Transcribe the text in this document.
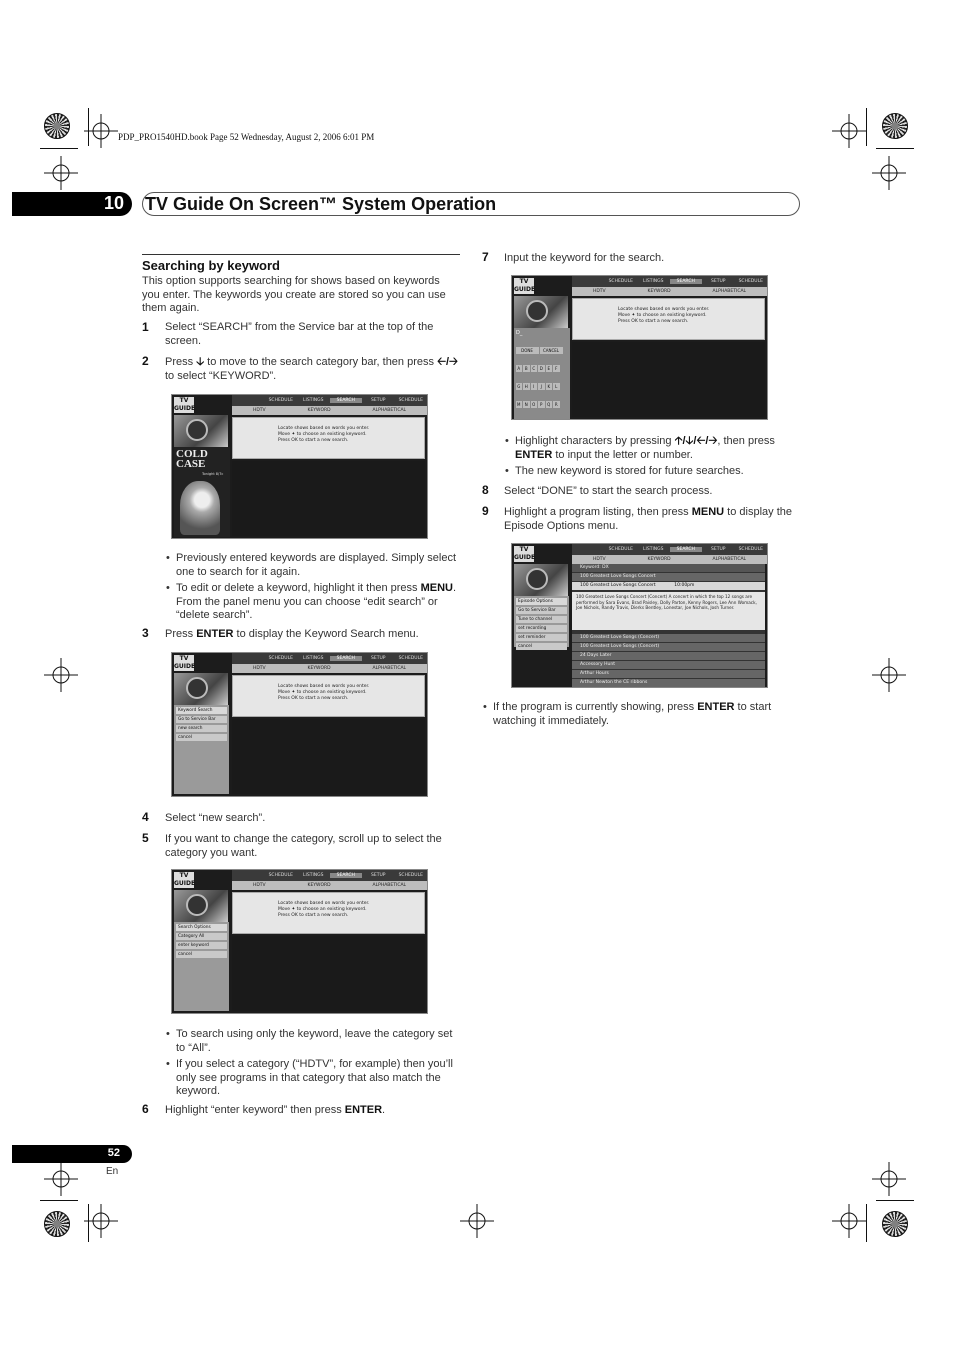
PDP_PRO1540HD.book Page 52 Wednesday, August 2, 2006 6:01 PM
10 TV Guide On Screen™ System Operation
Searching by keyword
This option supports searching for shows based on keywords you enter. The keywords you create are stored so you can use them again.
1 Select “SEARCH” from the Service bar at the top of the screen.
2 Press 🡣 to move to the search category bar, then press 🡠/🡢 to select “KEYWORD”.
SCHEDULE	LISTINGS	SEARCH	SETUP	SCHEDULE
TV GUIDE	HDTV	KEYWORD	ALPHABETICAL

Locate shows based on words you enter.

Move ✦ to choose an existing keyword.

Press OK to start a new search.

COLD CASE
Tonight 8/7c
• Previously entered keywords are displayed. Simply select one to search for it again.
• To edit or delete a keyword, highlight it then press MENU. From the panel menu you can choose “edit search” or “delete search”.
3 Press ENTER to display the Keyword Search menu.
SCHEDULE	LISTINGS	SEARCH	SETUP	SCHEDULE
TV GUIDE	HDTV	KEYWORD	ALPHABETICAL

Locate shows based on words you enter.

Move ✦ to choose an existing keyword.

Press OK to start a new search.

Keyword Search
Go to Service Bar
new search
cancel
4 Select “new search”.
5 If you want to change the category, scroll up to select the category you want.
SCHEDULE	LISTINGS	SEARCH	SETUP	SCHEDULE
TV GUIDE	HDTV	KEYWORD	ALPHABETICAL

Locate shows based on words you enter.

Move ✦ to choose an existing keyword.

Press OK to start a new search.

Search Options
Category All
enter keyword
cancel
• To search using only the keyword, leave the category set to “All”.
• If you select a category (“HDTV”, for example) then you’ll only see programs in that category that also match the keyword.
6 Highlight “enter keyword” then press ENTER.
7 Input the keyword for the search.
SCHEDULE	LISTINGS	SEARCH	SETUP	SCHEDULE
TV GUIDE	HDTV	KEYWORD	ALPHABETICAL

Locate shows based on words you enter.

Move ✦ to choose an existing keyword.

Press OK to start a new search.

D_
DONE	CANCEL A B C D E F G H I J K L M N O P Q R
• Highlight characters by pressing 🡡/🡣/🡠/🡢, then press ENTER to input the letter or number.
• The new keyword is stored for future searches.
8 Select “DONE” to start the search process.
9 Highlight a program listing, then press MENU to display the Episode Options menu.
SCHEDULE	LISTINGS	SEARCH	SETUP	SCHEDULE
TV GUIDE	HDTV	KEYWORD	ALPHABETICAL
Keyword: DX
100 Greatest Love Songs Concert
100 Greatest Love Songs Concert	10:00pm
100 Greatest Love Songs Concert (Concert) A concert in which the top 12 songs are performed by Sara Evans, Brad Paisley, Dolly Parton, Kenny Rogers, Lee Ann Womack, Joe Nichols, Randy Travis, Dierks Bentley, Lonestar, Joe Nichols, Josh Turner.
100 Greatest Love Songs (Concert)
100 Greatest Love Songs (Concert)
24 Days Later
Accessory Hunt
Arthur Hours
Arthur Newton the CE ribbons
Episode Options
Go to Service Bar
Tune to channel
set recording
set reminder
cancel
• If the program is currently showing, press ENTER to start watching it immediately.
52
En
